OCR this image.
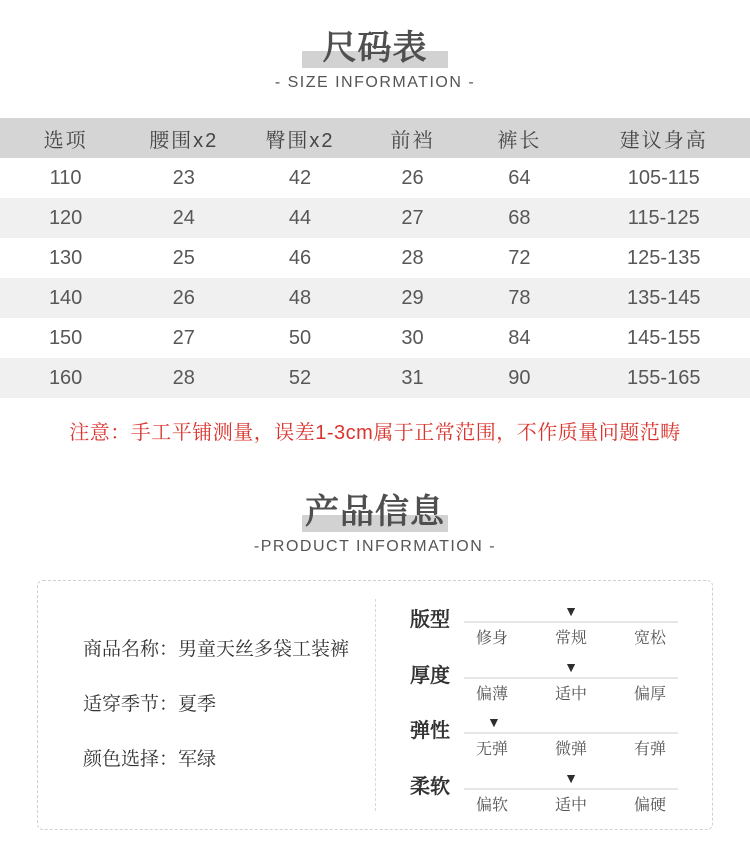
尺码表
- SIZE INFORMATION -
选项	腰围x2	臀围x2	前裆	裤长	建议身高
110	23	42	26	64	105-115
120	24	44	27	68	115-125
130	25	46	28	72	125-135
140	26	48	29	78	135-145
150	27	50	30	84	145-155
160	28	52	31	90	155-165
注意：手工平铺测量，误差1-3cm属于正常范围，不作质量问题范畴
产品信息
-PRODUCT INFORMATION -
商品名称：男童天丝多袋工装裤
适穿季节：夏季
颜色选择：军绿
版型	▼
修身	常规	宽松
厚度	▼
偏薄	适中	偏厚
弹性	▼
无弹	微弹	有弹
柔软	▼
偏软	适中	偏硬
